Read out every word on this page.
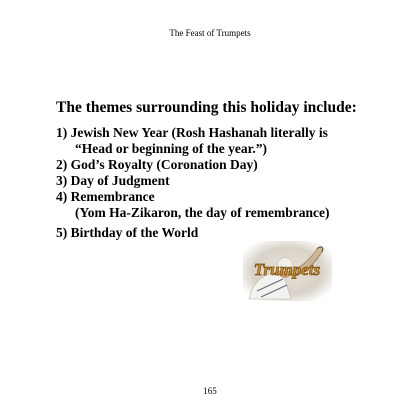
The Feast of Trumpets
The themes surrounding this holiday include:
1) Jewish New Year (Rosh Hashanah literally is
“Head or beginning of the year.”)
2) God’s Royalty (Coronation Day)
3) Day of Judgment
4) Remembrance
(Yom Ha-Zikaron, the day of remembrance)
5) Birthday of the World
Trumpets
165
